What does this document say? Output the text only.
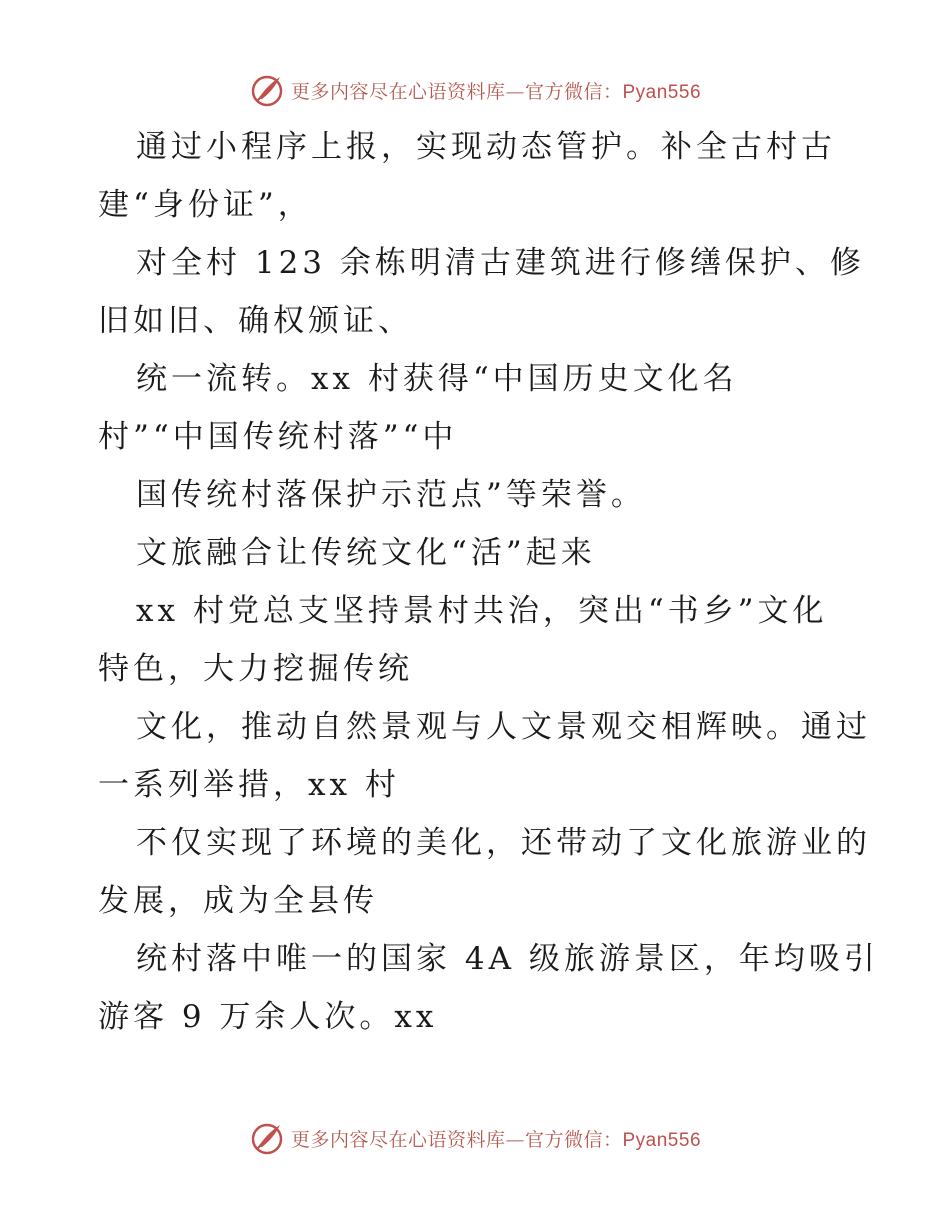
更多内容尽在心语资料库—官方微信：Pyan556
通过小程序上报，实现动态管护。补全古村古
建“身份证”，
对全村 123 余栋明清古建筑进行修缮保护、修
旧如旧、确权颁证、
统一流转。xx 村获得“中国历史文化名
村”“中国传统村落”“中
国传统村落保护示范点”等荣誉。
文旅融合让传统文化“活”起来
xx 村党总支坚持景村共治，突出“书乡”文化
特色，大力挖掘传统
文化，推动自然景观与人文景观交相辉映。通过
一系列举措，xx 村
不仅实现了环境的美化，还带动了文化旅游业的
发展，成为全县传
统村落中唯一的国家 4A 级旅游景区，年均吸引
游客 9 万余人次。xx
更多内容尽在心语资料库—官方微信：Pyan556
